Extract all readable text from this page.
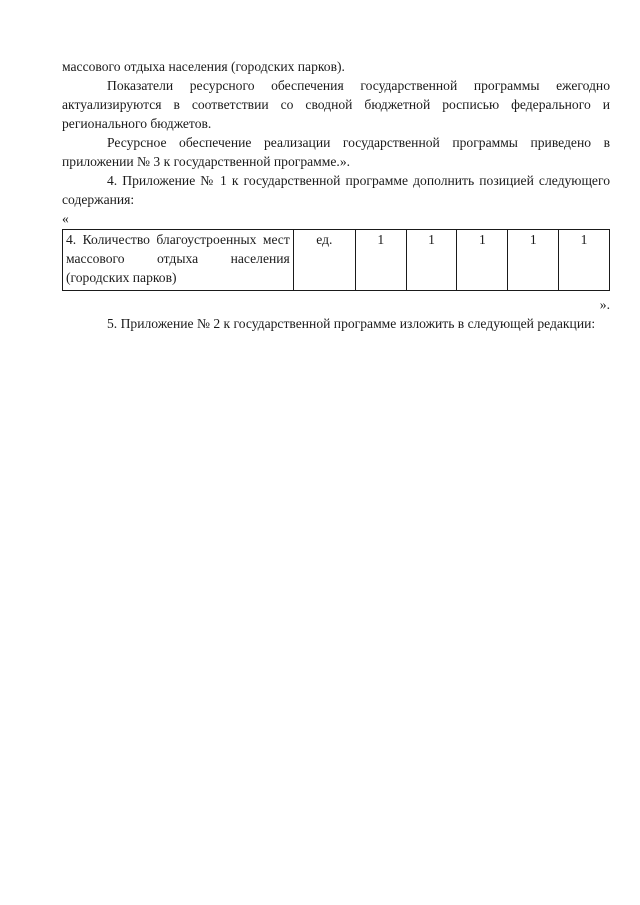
массового отдыха населения (городских парков).

Показатели ресурсного обеспечения государственной программы ежегодно актуализируются в соответствии со сводной бюджетной росписью федерального и регионального бюджетов.

Ресурсное обеспечение реализации государственной программы приведено в приложении № 3 к государственной программе.».

4. Приложение № 1 к государственной программе дополнить позицией следующего содержания:

«

4. Количество благоустроенных мест массового отдыха населения (городских парков)	ед.	1	1	1	1	1

».

5. Приложение № 2 к государственной программе изложить в следующей редакции:
